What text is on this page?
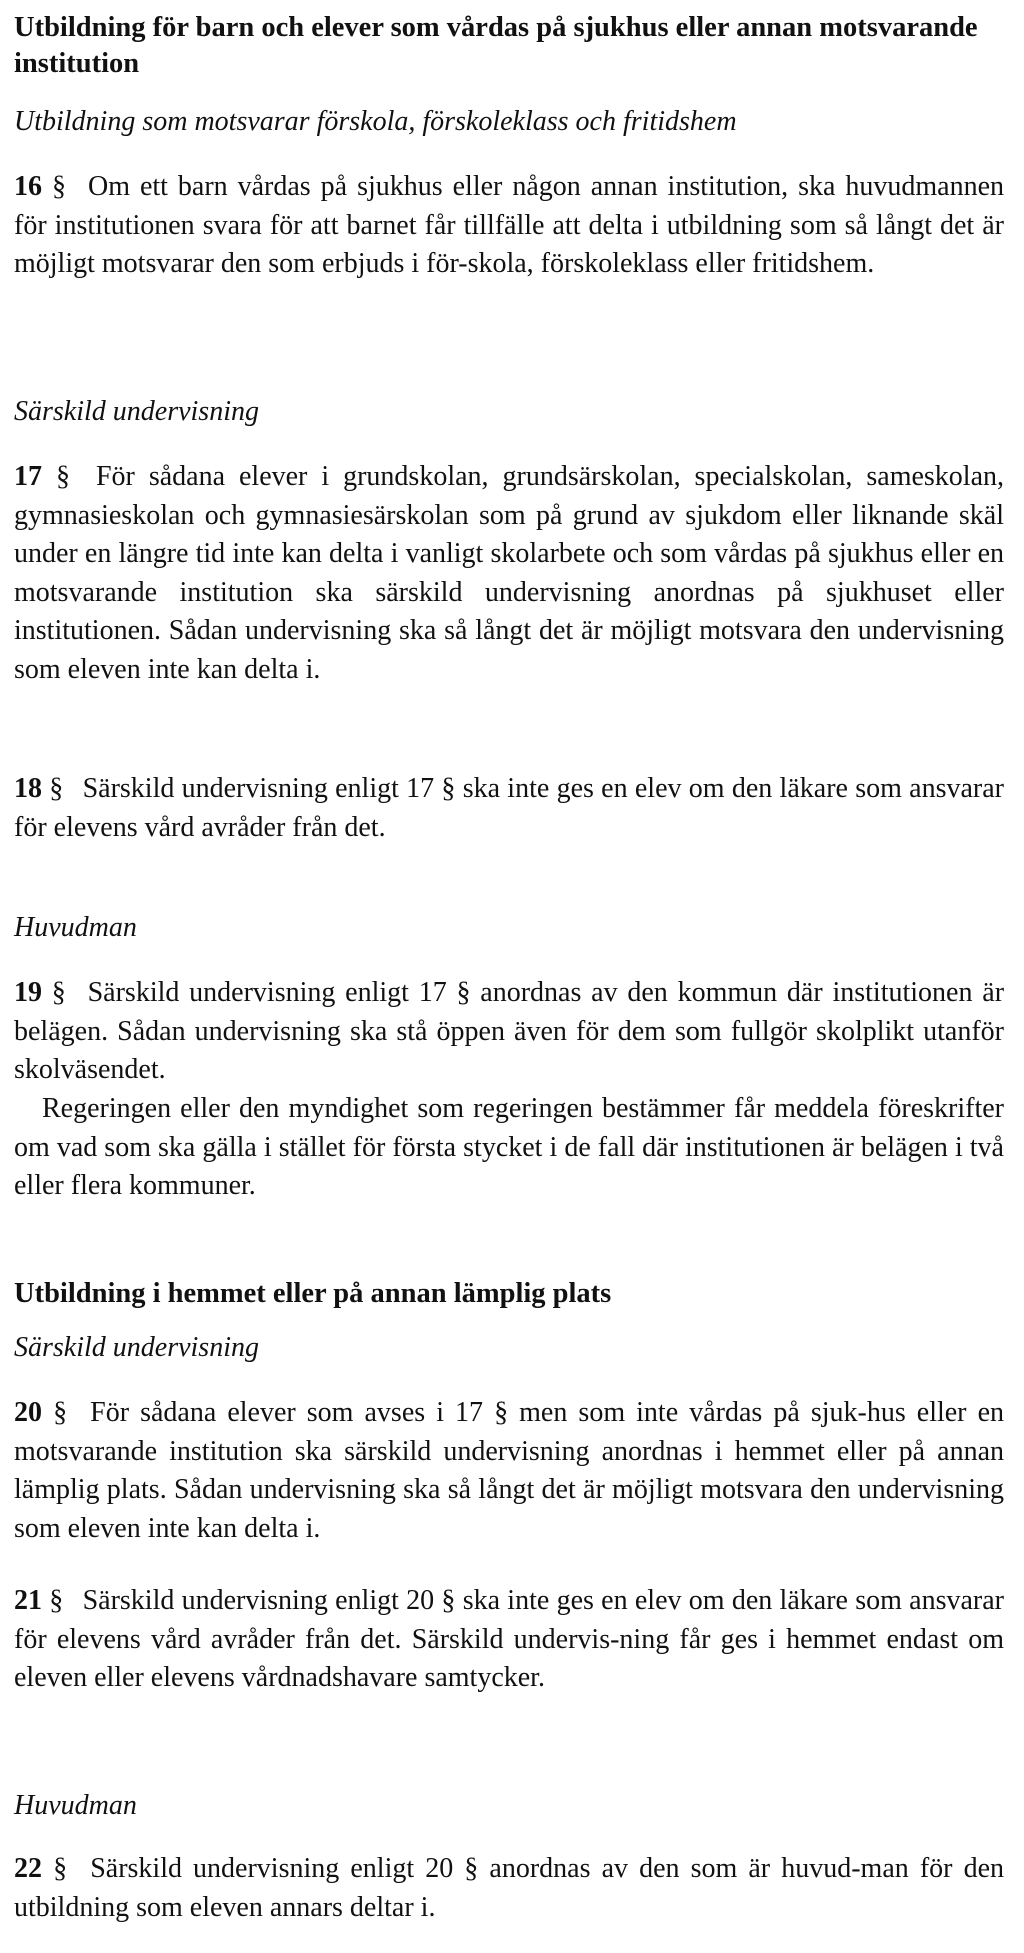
Utbildning för barn och elever som vårdas på sjukhus eller annan motsvarande institution
Utbildning som motsvarar förskola, förskoleklass och fritidshem

16 § Om ett barn vårdas på sjukhus eller någon annan institution, ska huvudmannen för institutionen svara för att barnet får tillfälle att delta i utbildning som så långt det är möjligt motsvarar den som erbjuds i för-skola, förskoleklass eller fritidshem.

Särskild undervisning

17 § För sådana elever i grundskolan, grundsärskolan, specialskolan, sameskolan, gymnasieskolan och gymnasiesärskolan som på grund av sjukdom eller liknande skäl under en längre tid inte kan delta i vanligt skolarbete och som vårdas på sjukhus eller en motsvarande institution ska särskild undervisning anordnas på sjukhuset eller institutionen. Sådan undervisning ska så långt det är möjligt motsvara den undervisning som eleven inte kan delta i.

18 § Särskild undervisning enligt 17 § ska inte ges en elev om den läkare som ansvarar för elevens vård avråder från det.

Huvudman

19 § Särskild undervisning enligt 17 § anordnas av den kommun där institutionen är belägen. Sådan undervisning ska stå öppen även för dem som fullgör skolplikt utanför skolväsendet.

Regeringen eller den myndighet som regeringen bestämmer får meddela föreskrifter om vad som ska gälla i stället för första stycket i de fall där institutionen är belägen i två eller flera kommuner.

Utbildning i hemmet eller på annan lämplig plats
Särskild undervisning

20 § För sådana elever som avses i 17 § men som inte vårdas på sjuk-hus eller en motsvarande institution ska särskild undervisning anordnas i hemmet eller på annan lämplig plats. Sådan undervisning ska så långt det är möjligt motsvara den undervisning som eleven inte kan delta i.

21 § Särskild undervisning enligt 20 § ska inte ges en elev om den läkare som ansvarar för elevens vård avråder från det. Särskild undervis-ning får ges i hemmet endast om eleven eller elevens vårdnadshavare samtycker.

Huvudman

22 § Särskild undervisning enligt 20 § anordnas av den som är huvud-man för den utbildning som eleven annars deltar i.
